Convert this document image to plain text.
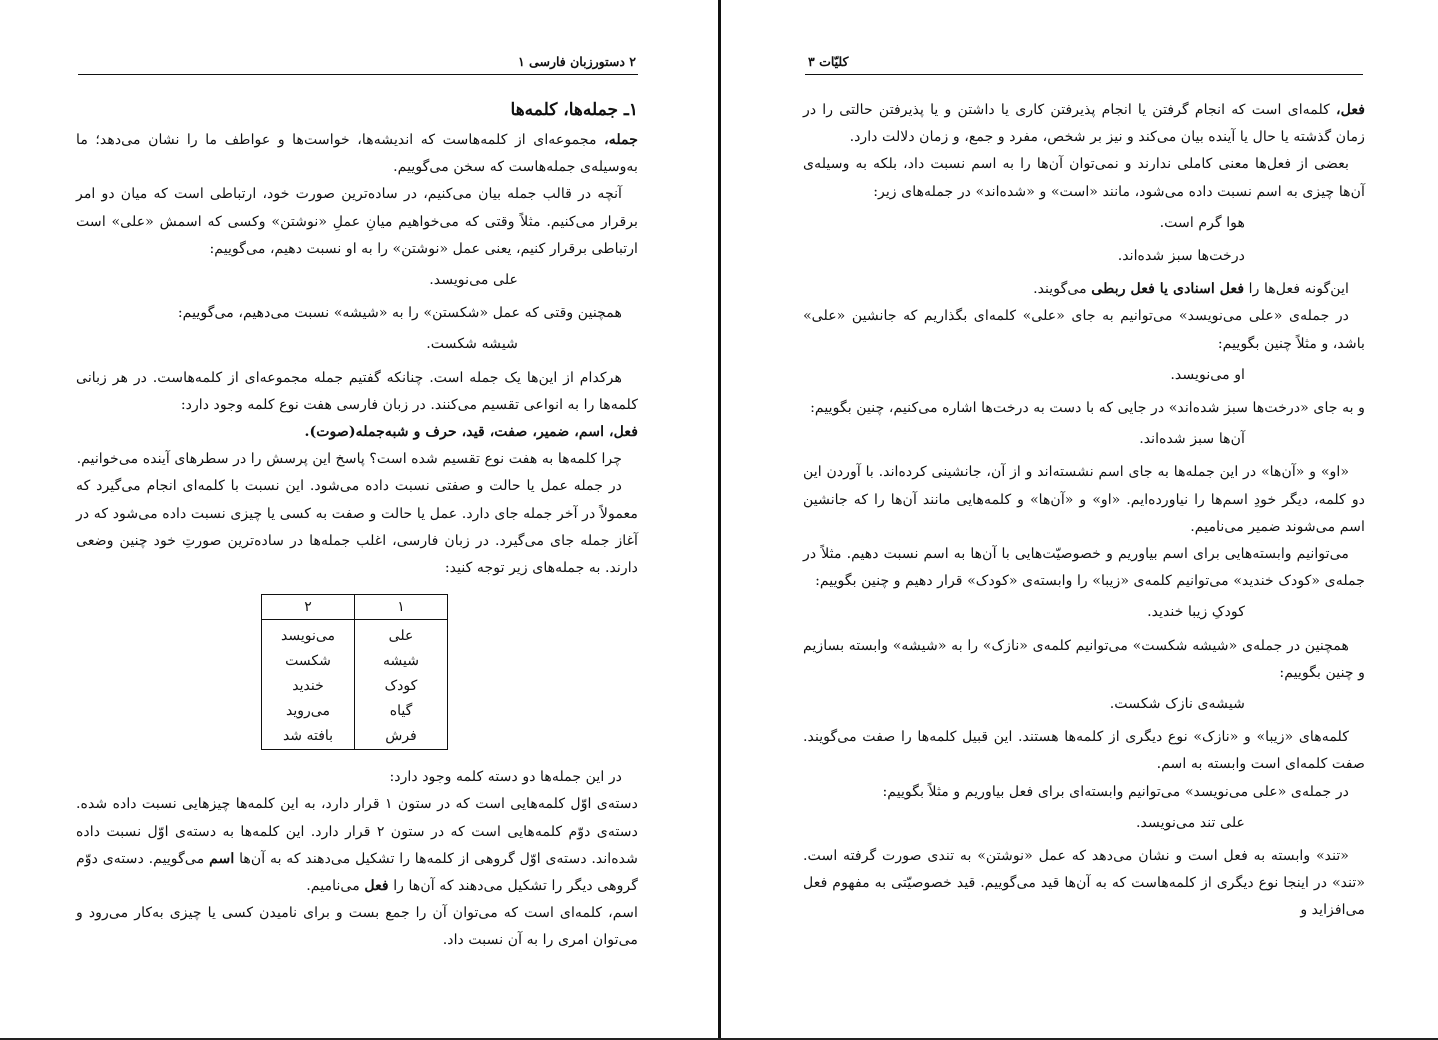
کلیّات ۳

فعل، کلمه‌ای است که انجام گرفتن یا انجام پذیرفتن کاری یا داشتن و یا پذیرفتن حالتی را در زمان گذشته یا حال یا آینده بیان می‌کند و نیز بر شخص، مفرد و جمع، و زمان دلالت دارد.

بعضی از فعل‌ها معنی کاملی ندارند و نمی‌توان آن‌ها را به اسم نسبت داد، بلکه به وسیله‌ی آن‌ها چیزی به اسم نسبت داده می‌شود، مانند «است» و «شده‌اند» در جمله‌های زیر:

هوا گرم است.

درخت‌ها سبز شده‌اند.

این‌گونه فعل‌ها را فعل اسنادی یا فعل ربطی می‌گویند.

در جمله‌ی «علی می‌نویسد» می‌توانیم به جای «علی» کلمه‌ای بگذاریم که جانشین «علی» باشد، و مثلاً چنین بگوییم:

او می‌نویسد.

و به جای «درخت‌ها سبز شده‌اند» در جایی که با دست به درخت‌ها اشاره می‌کنیم، چنین بگوییم:

آن‌ها سبز شده‌اند.

«او» و «آن‌ها» در این جمله‌ها به جای اسم نشسته‌اند و از آن، جانشینی کرده‌اند. با آوردن این دو کلمه، دیگر خودِ اسم‌ها را نیاورده‌ایم. «او» و «آن‌ها» و کلمه‌هایی مانند آن‌ها را که جانشین اسم می‌شوند ضمیر می‌نامیم.

می‌توانیم وابسته‌هایی برای اسم بیاوریم و خصوصیّت‌هایی با آن‌ها به اسم نسبت دهیم. مثلاً در جمله‌ی «کودک خندید» می‌توانیم کلمه‌ی «زیبا» را وابسته‌ی «کودک» قرار دهیم و چنین بگوییم:

کودکِ زیبا خندید.

همچنین در جمله‌ی «شیشه شکست» می‌توانیم کلمه‌ی «نازک» را به «شیشه» وابسته بسازیم و چنین بگوییم:

شیشه‌ی نازک شکست.

کلمه‌های «زیبا» و «نازک» نوع دیگری از کلمه‌ها هستند. این قبیل کلمه‌ها را صفت می‌گویند. صفت کلمه‌ای است وابسته به اسم.

در جمله‌ی «علی می‌نویسد» می‌توانیم وابسته‌ای برای فعل بیاوریم و مثلاً بگوییم:

علی تند می‌نویسد.

«تند» وابسته به فعل است و نشان می‌دهد که عمل «نوشتن» به تندی صورت گرفته است. «تند» در اینجا نوع دیگری از کلمه‌هاست که به آن‌ها قید می‌گوییم. قید خصوصیّتی به مفهوم فعل می‌افزاید و

۲ دستورزبان فارسی ۱
۱ـ جمله‌ها، کلمه‌ها

جمله، مجموعه‌ای از کلمه‌هاست که اندیشه‌ها، خواست‌ها و عواطف ما را نشان می‌دهد؛ ما به‌وسیله‌ی جمله‌هاست که سخن می‌گوییم.

آنچه در قالب جمله بیان می‌کنیم، در ساده‌ترین صورت خود، ارتباطی است که میان دو امر برقرار می‌کنیم. مثلاً وقتی که می‌خواهیم میانِ عملِ «نوشتن» وکسی که اسمش «علی» است ارتباطی برقرار کنیم، یعنی عمل «نوشتن» را به او نسبت دهیم، می‌گوییم:

علی می‌نویسد.

همچنین وقتی که عمل «شکستن» را به «شیشه» نسبت می‌دهیم، می‌گوییم:

شیشه شکست.

هرکدام از این‌ها یک جمله است. چنانکه گفتیم جمله مجموعه‌ای از کلمه‌هاست. در هر زبانی کلمه‌ها را به انواعی تقسیم می‌کنند. در زبان فارسی هفت نوع کلمه وجود دارد:

فعل، اسم، ضمیر، صفت، قید، حرف و شبه‌جمله(صوت).

چرا کلمه‌ها به هفت نوع تقسیم شده است؟ پاسخ این پرسش را در سطرهای آینده می‌خوانیم.

در جمله عمل یا حالت و صفتی نسبت داده می‌شود. این نسبت با کلمه‌ای انجام می‌گیرد که معمولاً در آخر جمله جای دارد. عمل یا حالت و صفت به کسی یا چیزی نسبت داده می‌شود که در آغاز جمله جای می‌گیرد. در زبان فارسی، اغلب جمله‌ها در ساده‌ترین صورتِ خود چنین وضعی دارند. به جمله‌های زیر توجه کنید:

۱	۲
علی	می‌نویسد
شیشه	شکست
کودک	خندید
گیاه	می‌روید
فرش	بافته شد

در این جمله‌ها دو دسته کلمه وجود دارد:

دسته‌ی اوّل کلمه‌هایی است که در ستون ۱ قرار دارد، به این کلمه‌ها چیزهایی نسبت داده شده. دسته‌ی دوّم کلمه‌هایی است که در ستون ۲ قرار دارد. این کلمه‌ها به دسته‌ی اوّل نسبت داده شده‌اند. دسته‌ی اوّل گروهی از کلمه‌ها را تشکیل می‌دهند که به آن‌ها اسم می‌گوییم. دسته‌ی دوّم گروهی دیگر را تشکیل می‌دهند که آن‌ها را فعل می‌نامیم.

اسم، کلمه‌ای است که می‌توان آن را جمع بست و برای نامیدن کسی یا چیزی به‌کار می‌رود و می‌توان امری را به آن نسبت داد.
